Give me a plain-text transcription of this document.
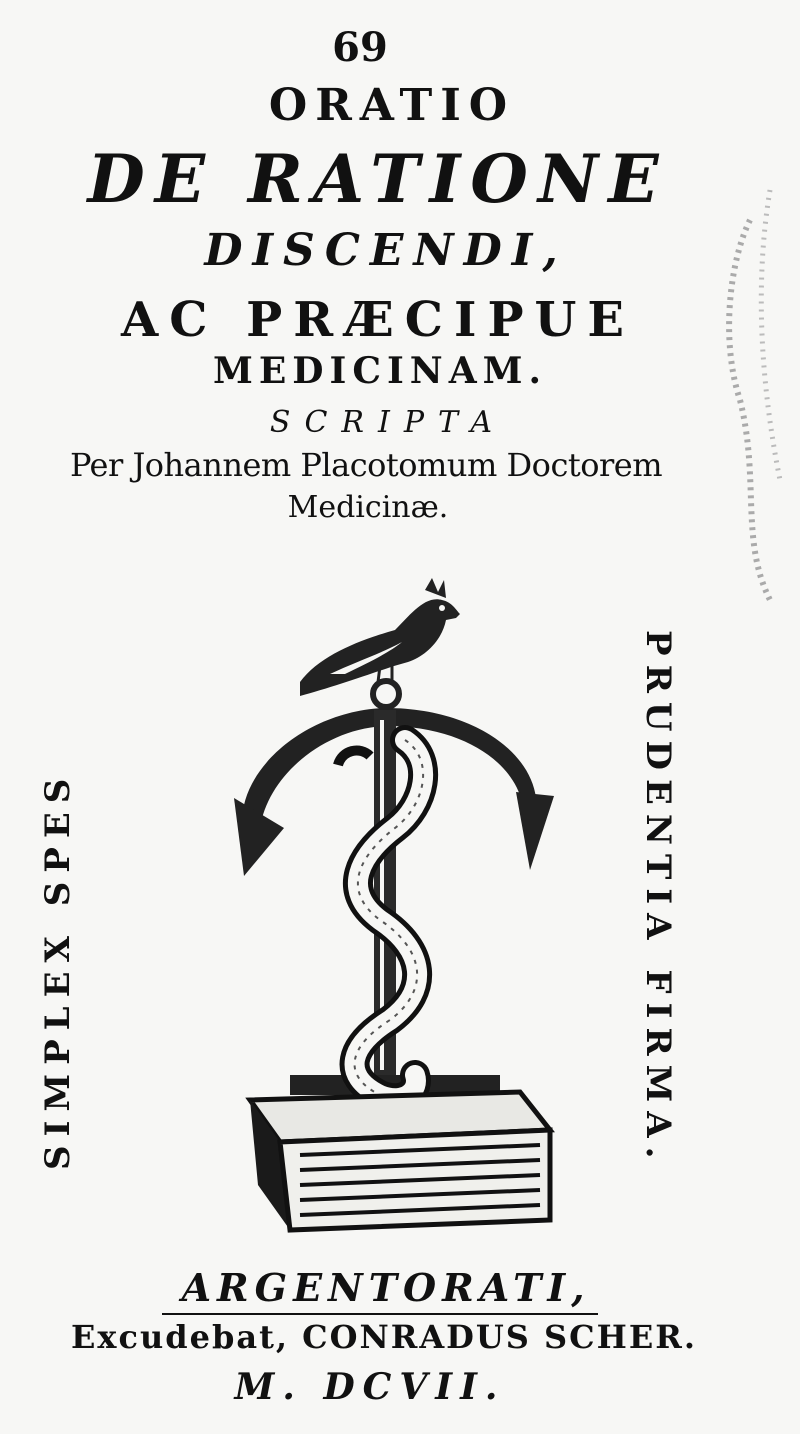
69
ORATIO
DE RATIONE
DISCENDI,
AC PRÆCIPUE
MEDICINAM.
SCRIPTA
Per Johannem Placotomum Doctorem
Medicinæ.
SIMPLEX SPES	PRUDENTIA FIRMA.
ARGENTORATI,
Excudebat, CONRADUS SCHER.
M. DCVII.
